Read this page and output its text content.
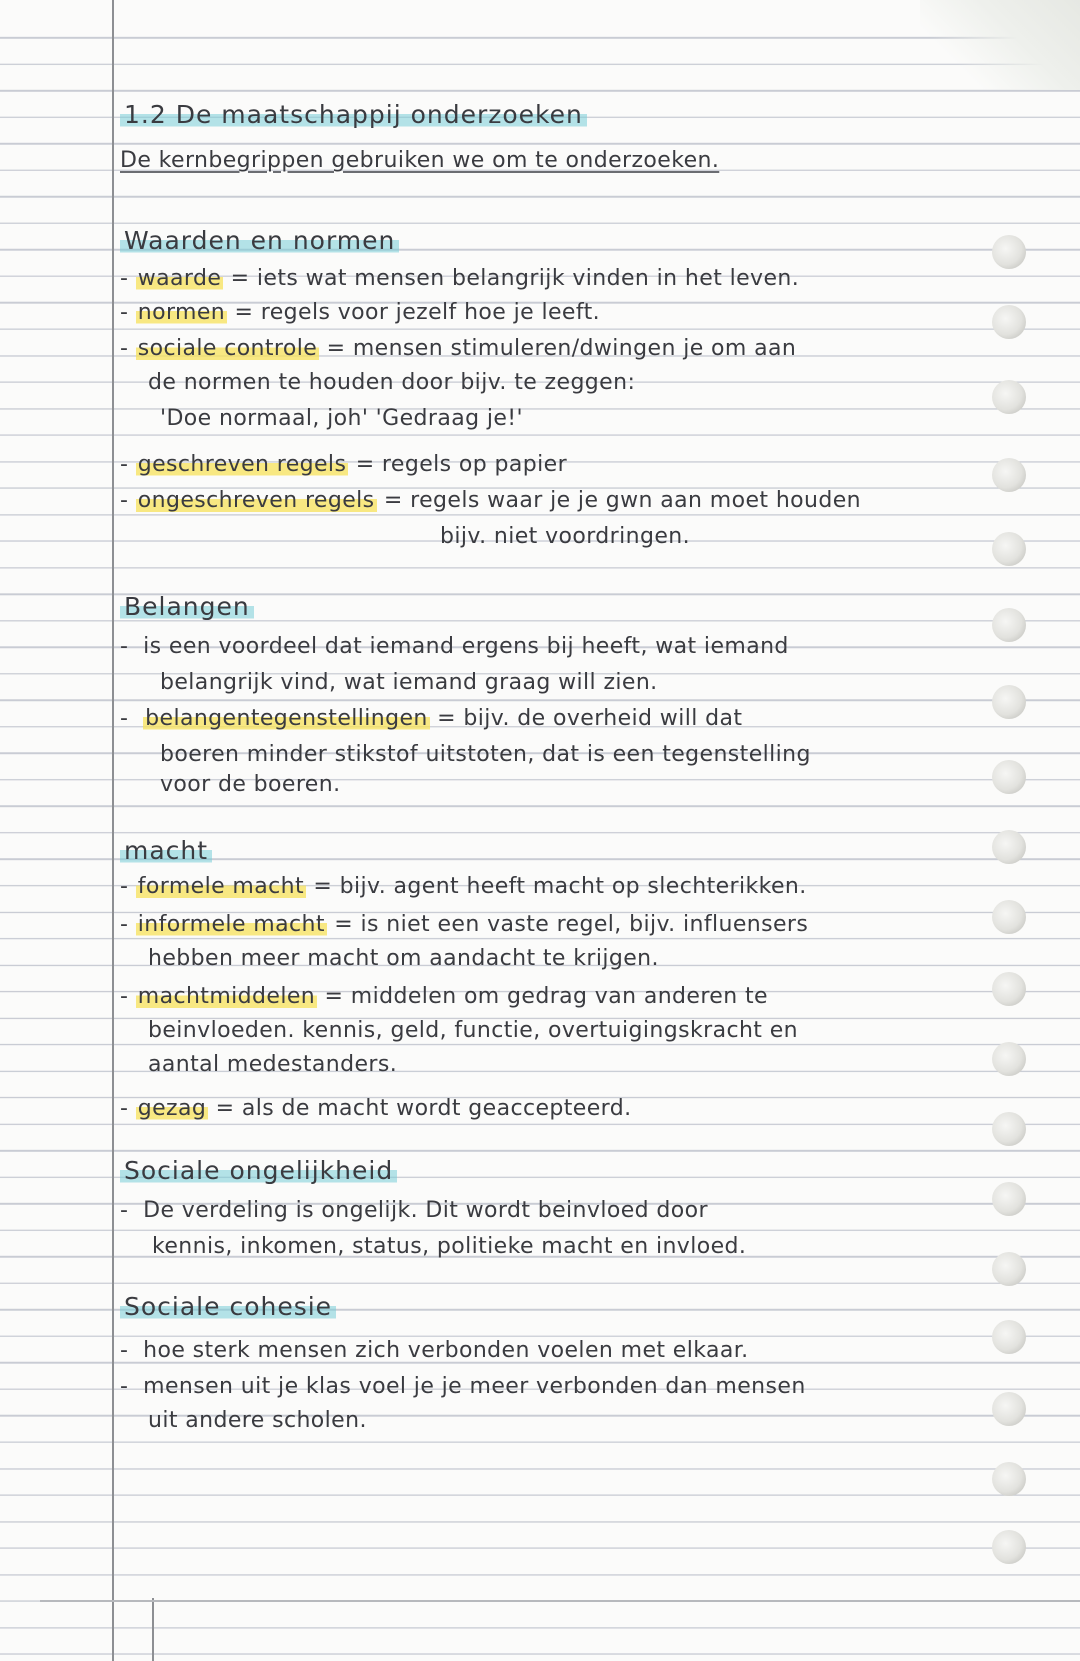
1.2 De maatschappij onderzoeken

De kernbegrippen gebruiken we om te onderzoeken.

Waarden en normen

- waarde = iets wat mensen belangrijk vinden in het leven.

- normen = regels voor jezelf hoe je leeft.

- sociale controle = mensen stimuleren/dwingen je om aan

de normen te houden door bijv. te zeggen:

'Doe normaal, joh' 'Gedraag je!'

- geschreven regels = regels op papier

- ongeschreven regels = regels waar je je gwn aan moet houden

bijv. niet voordringen.

Belangen

- is een voordeel dat iemand ergens bij heeft, wat iemand

belangrijk vind, wat iemand graag will zien.

- belangentegenstellingen = bijv. de overheid will dat

boeren minder stikstof uitstoten, dat is een tegenstelling

voor de boeren.

macht

- formele macht = bijv. agent heeft macht op slechterikken.

- informele macht = is niet een vaste regel, bijv. influensers

hebben meer macht om aandacht te krijgen.

- machtmiddelen = middelen om gedrag van anderen te

beinvloeden. kennis, geld, functie, overtuigingskracht en

aantal medestanders.

- gezag = als de macht wordt geaccepteerd.

Sociale ongelijkheid

- De verdeling is ongelijk. Dit wordt beinvloed door

kennis, inkomen, status, politieke macht en invloed.

Sociale cohesie

- hoe sterk mensen zich verbonden voelen met elkaar.

- mensen uit je klas voel je je meer verbonden dan mensen

uit andere scholen.
